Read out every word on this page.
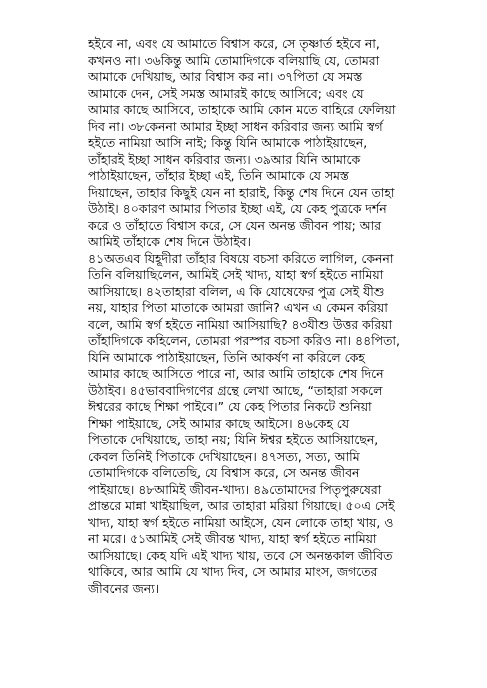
হইবে না, এবং যে আমাতে বিশ্বাস করে, সে তৃষ্ণার্ত হইবে না,
কখনও না। ৩৬কিন্তু আমি তোমাদিগকে বলিয়াছি যে, তোমরা
আমাকে দেখিয়াছ, আর বিশ্বাস কর না। ৩৭পিতা যে সমস্ত
আমাকে দেন, সেই সমস্ত আমারই কাছে আসিবে; এবং যে
আমার কাছে আসিবে, তাহাকে আমি কোন মতে বাহিরে ফেলিয়া
দিব না। ৩৮কেননা আমার ইচ্ছা সাধন করিবার জন্য আমি স্বর্গ
হইতে নামিয়া আসি নাই; কিন্তু যিনি আমাকে পাঠাইয়াছেন,
তাঁহারই ইচ্ছা সাধন করিবার জন্য। ৩৯আর যিনি আমাকে
পাঠাইয়াছেন, তাঁহার ইচ্ছা এই, তিনি আমাকে যে সমস্ত
দিয়াছেন, তাহার কিছুই যেন না হারাই, কিন্তু শেষ দিনে যেন তাহা
উঠাই। ৪০কারণ আমার পিতার ইচ্ছা এই, যে কেহ পুত্রকে দর্শন
করে ও তাঁহাতে বিশ্বাস করে, সে যেন অনন্ত জীবন পায়; আর
আমিই তাঁহাকে শেষ দিনে উঠাইব।
৪১অতএব যিহূদীরা তাঁহার বিষয়ে বচসা করিতে লাগিল, কেননা
তিনি বলিয়াছিলেন, আমিই সেই খাদ্য, যাহা স্বর্গ হইতে নামিয়া
আসিয়াছে। ৪২তাহারা বলিল, এ কি যোষেফের পুত্র সেই যীশু
নয়, যাহার পিতা মাতাকে আমরা জানি? এখন এ কেমন করিয়া
বলে, আমি স্বর্গ হইতে নামিয়া আসিয়াছি? ৪৩যীশু উত্তর করিয়া
তাঁহাদিগকে কহিলেন, তোমরা পরস্পর বচসা করিও না। ৪৪পিতা,
যিনি আমাকে পাঠাইয়াছেন, তিনি আকর্ষণ না করিলে কেহ
আমার কাছে আসিতে পারে না, আর আমি তাহাকে শেষ দিনে
উঠাইব। ৪৫ভাববাদিগণের গ্রন্থে লেখা আছে, “তাহারা সকলে
ঈশ্বরের কাছে শিক্ষা পাইবে।” যে কেহ পিতার নিকটে শুনিয়া
শিক্ষা পাইয়াছে, সেই আমার কাছে আইসে। ৪৬কেহ যে
পিতাকে দেখিয়াছে, তাহা নয়; যিনি ঈশ্বর হইতে আসিয়াছেন,
কেবল তিনিই পিতাকে দেখিয়াছেন। ৪৭সত্য, সত্য, আমি
তোমাদিগকে বলিতেছি, যে বিশ্বাস করে, সে অনন্ত জীবন
পাইয়াছে। ৪৮আমিই জীবন-খাদ্য। ৪৯তোমাদের পিতৃপুরুষেরা
প্রান্তরে মান্না খাইয়াছিল, আর তাহারা মরিয়া গিয়াছে। ৫০এ সেই
খাদ্য, যাহা স্বর্গ হইতে নামিয়া আইসে, যেন লোকে তাহা খায়, ও
না মরে। ৫১আমিই সেই জীবন্ত খাদ্য, যাহা স্বর্গ হইতে নামিয়া
আসিয়াছে। কেহ যদি এই খাদ্য খায়, তবে সে অনন্তকাল জীবিত
থাকিবে, আর আমি যে খাদ্য দিব, সে আমার মাংস, জগতের
জীবনের জন্য।
